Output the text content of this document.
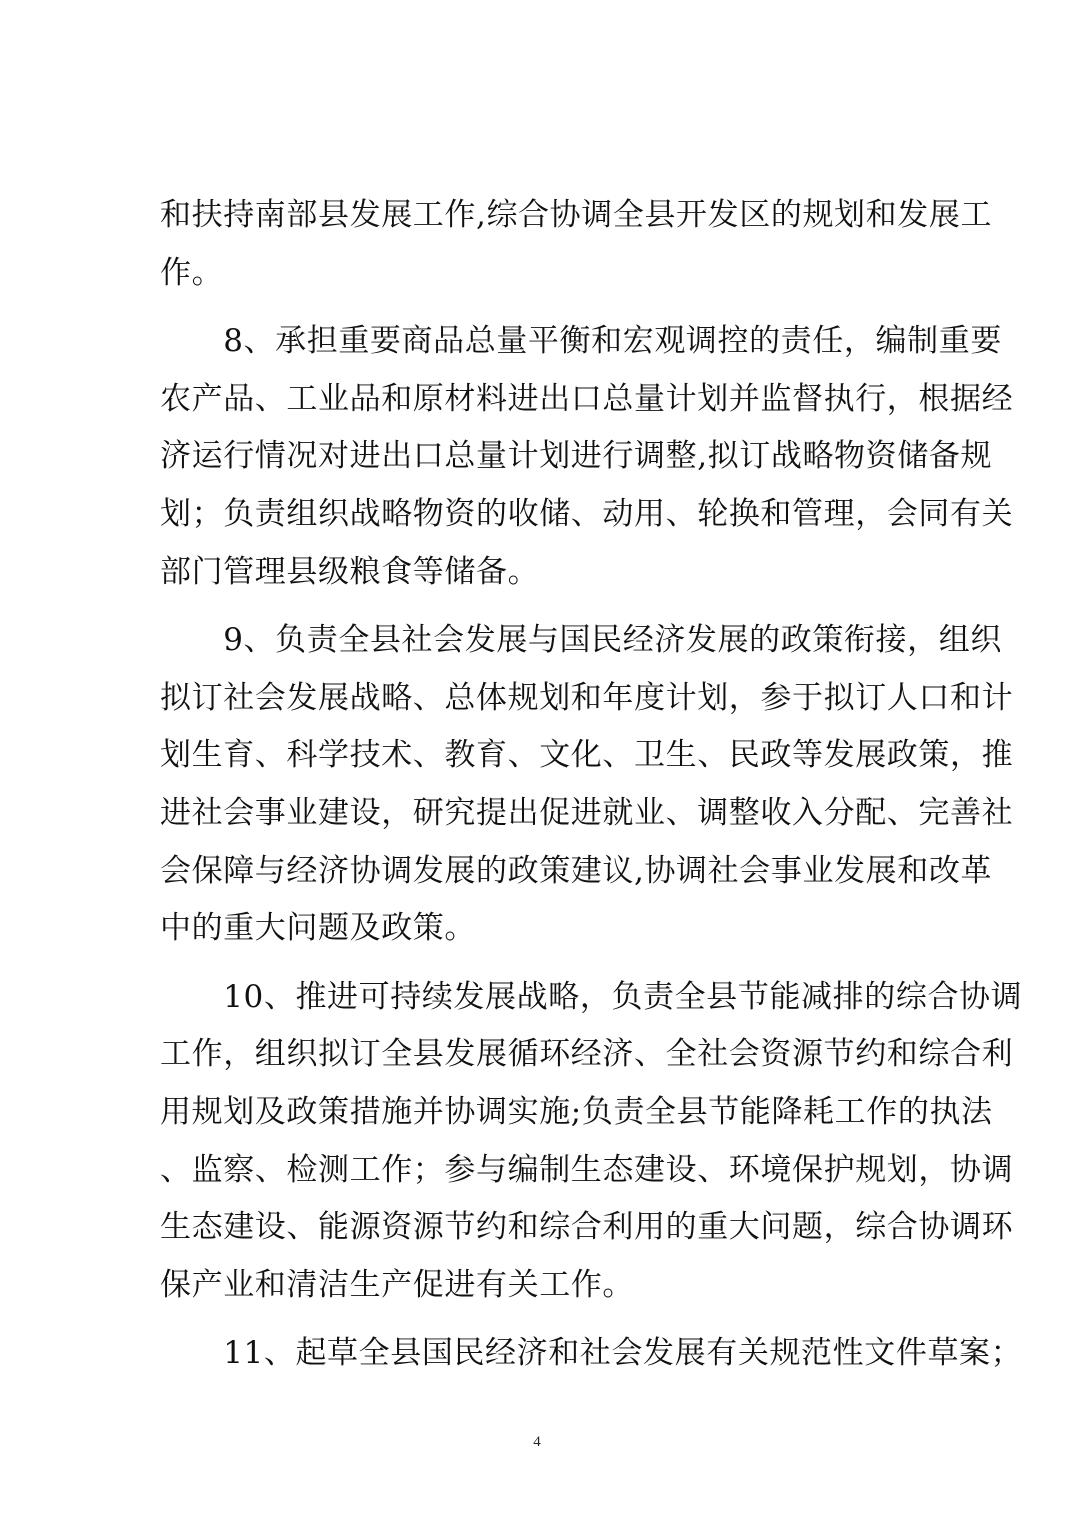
和扶持南部县发展工作,综合协调全县开发区的规划和发展工
作。
　　8、承担重要商品总量平衡和宏观调控的责任，编制重要
农产品、工业品和原材料进出口总量计划并监督执行，根据经
济运行情况对进出口总量计划进行调整,拟订战略物资储备规
划；负责组织战略物资的收储、动用、轮换和管理，会同有关
部门管理县级粮食等储备。
　　9、负责全县社会发展与国民经济发展的政策衔接，组织
拟订社会发展战略、总体规划和年度计划，参于拟订人口和计
划生育、科学技术、教育、文化、卫生、民政等发展政策，推
进社会事业建设，研究提出促进就业、调整收入分配、完善社
会保障与经济协调发展的政策建议,协调社会事业发展和改革
中的重大问题及政策。
　　10、推进可持续发展战略，负责全县节能减排的综合协调
工作，组织拟订全县发展循环经济、全社会资源节约和综合利
用规划及政策措施并协调实施;负责全县节能降耗工作的执法
、监察、检测工作；参与编制生态建设、环境保护规划，协调
生态建设、能源资源节约和综合利用的重大问题，综合协调环
保产业和清洁生产促进有关工作。
　　11、起草全县国民经济和社会发展有关规范性文件草案；
4
